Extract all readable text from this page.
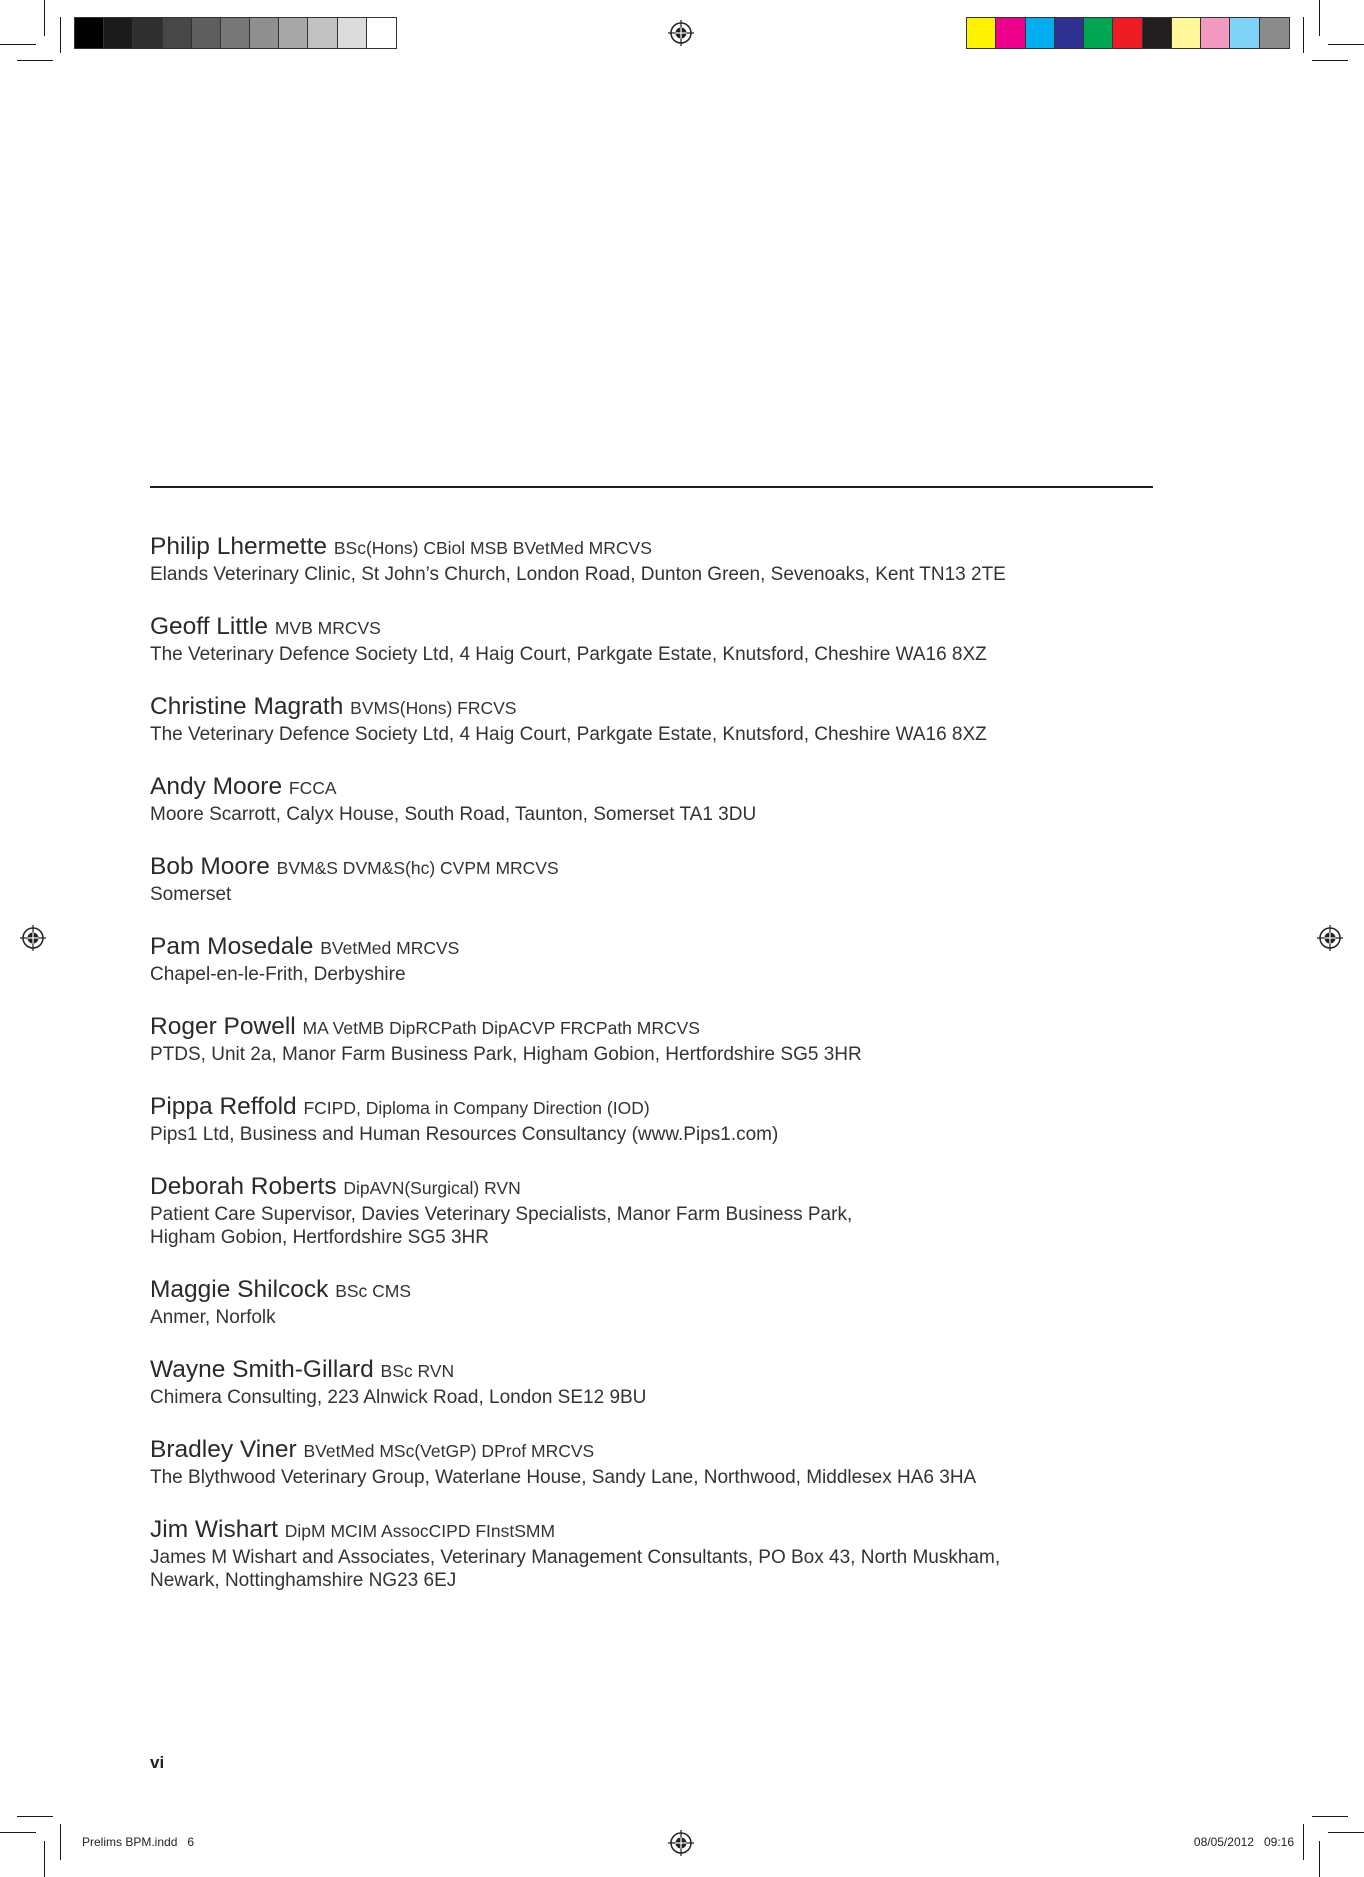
Philip Lhermette BSc(Hons) CBiol MSB BVetMed MRCVS
Elands Veterinary Clinic, St John’s Church, London Road, Dunton Green, Sevenoaks, Kent TN13 2TE
Geoff Little MVB MRCVS
The Veterinary Defence Society Ltd, 4 Haig Court, Parkgate Estate, Knutsford, Cheshire WA16 8XZ
Christine Magrath BVMS(Hons) FRCVS
The Veterinary Defence Society Ltd, 4 Haig Court, Parkgate Estate, Knutsford, Cheshire WA16 8XZ
Andy Moore FCCA
Moore Scarrott, Calyx House, South Road, Taunton, Somerset TA1 3DU
Bob Moore BVM&S DVM&S(hc) CVPM MRCVS
Somerset
Pam Mosedale BVetMed MRCVS
Chapel-en-le-Frith, Derbyshire
Roger Powell MA VetMB DipRCPath DipACVP FRCPath MRCVS
PTDS, Unit 2a, Manor Farm Business Park, Higham Gobion, Hertfordshire SG5 3HR
Pippa Reffold FCIPD, Diploma in Company Direction (IOD)
Pips1 Ltd, Business and Human Resources Consultancy (www.Pips1.com)
Deborah Roberts DipAVN(Surgical) RVN
Patient Care Supervisor, Davies Veterinary Specialists, Manor Farm Business Park,
Higham Gobion, Hertfordshire SG5 3HR
Maggie Shilcock BSc CMS
Anmer, Norfolk
Wayne Smith-Gillard BSc RVN
Chimera Consulting, 223 Alnwick Road, London SE12 9BU
Bradley Viner BVetMed MSc(VetGP) DProf MRCVS
The Blythwood Veterinary Group, Waterlane House, Sandy Lane, Northwood, Middlesex HA6 3HA
Jim Wishart DipM MCIM AssocCIPD FInstSMM
James M Wishart and Associates, Veterinary Management Consultants, PO Box 43, North Muskham,
Newark, Nottinghamshire NG23 6EJ
vi
Prelims BPM.indd   6	08/05/2012   09:16
